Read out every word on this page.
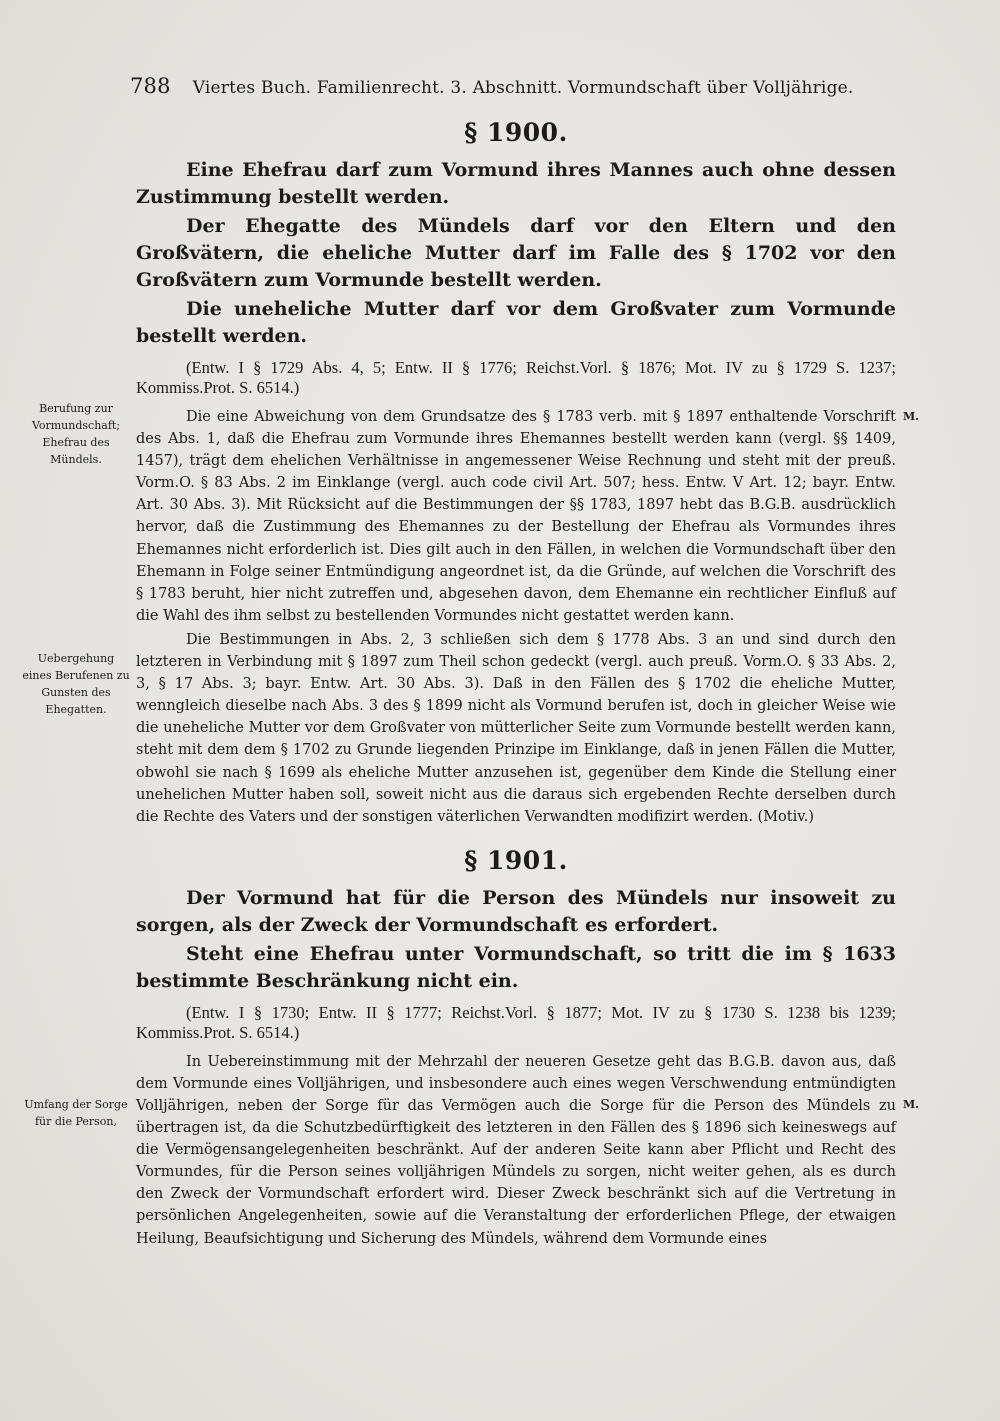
788 Viertes Buch. Familienrecht. 3. Abschnitt. Vormundschaft über Volljährige.
Berufung zur Vormundschaft; Ehefrau des Mündels.
Uebergehung eines Berufenen zu Gunsten des Ehegatten.
Umfang der Sorge für die Person,
M.
M.
§ 1900.

Eine Ehefrau darf zum Vormund ihres Mannes auch ohne dessen Zustimmung bestellt werden.

Der Ehegatte des Mündels darf vor den Eltern und den Großvätern, die eheliche Mutter darf im Falle des § 1702 vor den Großvätern zum Vormunde bestellt werden.

Die uneheliche Mutter darf vor dem Großvater zum Vormunde bestellt werden.

(Entw. I § 1729 Abs. 4, 5; Entw. II § 1776; Reichst.Vorl. § 1876; Mot. IV zu § 1729 S. 1237; Kommiss.Prot. S. 6514.)

Die eine Abweichung von dem Grundsatze des § 1783 verb. mit § 1897 enthaltende Vorschrift des Abs. 1, daß die Ehefrau zum Vormunde ihres Ehemannes bestellt werden kann (vergl. §§ 1409, 1457), trägt dem ehelichen Verhältnisse in angemessener Weise Rechnung und steht mit der preuß. Vorm.O. § 83 Abs. 2 im Einklange (vergl. auch code civil Art. 507; hess. Entw. V Art. 12; bayr. Entw. Art. 30 Abs. 3). Mit Rücksicht auf die Bestimmungen der §§ 1783, 1897 hebt das B.G.B. ausdrücklich hervor, daß die Zustimmung des Ehemannes zu der Bestellung der Ehefrau als Vormundes ihres Ehemannes nicht erforderlich ist. Dies gilt auch in den Fällen, in welchen die Vormundschaft über den Ehemann in Folge seiner Entmündigung angeordnet ist, da die Gründe, auf welchen die Vorschrift des § 1783 beruht, hier nicht zutreffen und, abgesehen davon, dem Ehemanne ein rechtlicher Einfluß auf die Wahl des ihm selbst zu bestellenden Vormundes nicht gestattet werden kann.

Die Bestimmungen in Abs. 2, 3 schließen sich dem § 1778 Abs. 3 an und sind durch den letzteren in Verbindung mit § 1897 zum Theil schon gedeckt (vergl. auch preuß. Vorm.O. § 33 Abs. 2, 3, § 17 Abs. 3; bayr. Entw. Art. 30 Abs. 3). Daß in den Fällen des § 1702 die eheliche Mutter, wenngleich dieselbe nach Abs. 3 des § 1899 nicht als Vormund berufen ist, doch in gleicher Weise wie die uneheliche Mutter vor dem Großvater von mütterlicher Seite zum Vormunde bestellt werden kann, steht mit dem dem § 1702 zu Grunde liegenden Prinzipe im Einklange, daß in jenen Fällen die Mutter, obwohl sie nach § 1699 als eheliche Mutter anzusehen ist, gegenüber dem Kinde die Stellung einer unehelichen Mutter haben soll, soweit nicht aus die daraus sich ergebenden Rechte derselben durch die Rechte des Vaters und der sonstigen väterlichen Verwandten modifizirt werden. (Motiv.)

§ 1901.

Der Vormund hat für die Person des Mündels nur insoweit zu sorgen, als der Zweck der Vormundschaft es erfordert.

Steht eine Ehefrau unter Vormundschaft, so tritt die im § 1633 bestimmte Beschränkung nicht ein.

(Entw. I § 1730; Entw. II § 1777; Reichst.Vorl. § 1877; Mot. IV zu § 1730 S. 1238 bis 1239; Kommiss.Prot. S. 6514.)

In Uebereinstimmung mit der Mehrzahl der neueren Gesetze geht das B.G.B. davon aus, daß dem Vormunde eines Volljährigen, und insbesondere auch eines wegen Verschwendung entmündigten Volljährigen, neben der Sorge für das Vermögen auch die Sorge für die Person des Mündels zu übertragen ist, da die Schutzbedürftigkeit des letzteren in den Fällen des § 1896 sich keineswegs auf die Vermögensangelegenheiten beschränkt. Auf der anderen Seite kann aber Pflicht und Recht des Vormundes, für die Person seines volljährigen Mündels zu sorgen, nicht weiter gehen, als es durch den Zweck der Vormundschaft erfordert wird. Dieser Zweck beschränkt sich auf die Vertretung in persönlichen Angelegenheiten, sowie auf die Veranstaltung der erforderlichen Pflege, der etwaigen Heilung, Beaufsichtigung und Sicherung des Mündels, während dem Vormunde eines
